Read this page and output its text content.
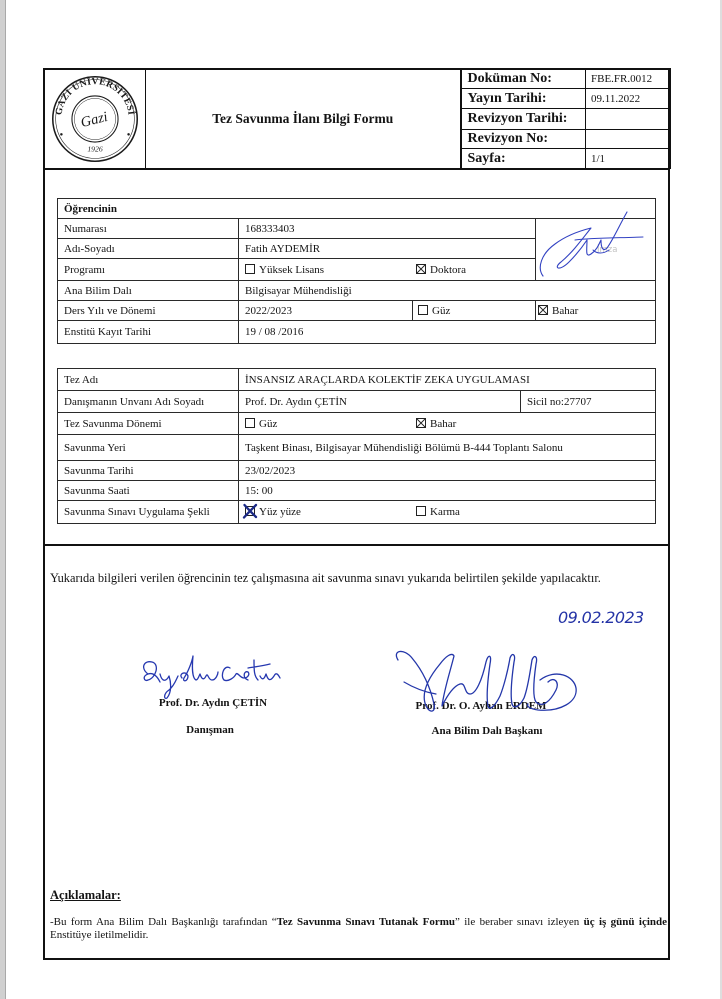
GAZİ ÜNİVERSİTESİ
1926
Gazi	Tez Savunma İlanı Bilgi Formu	Doküman No:	FBE.FR.0012
		Yayın Tarihi:	09.11.2022
		Revizyon Tarihi:	
		Revizyon No:	
		Sayfa:	1/1
Öğrencinin			
Numarası	168333403		
Adı-Soyadı	Fatih AYDEMİR		
Programı	Yüksek Lisans Doktora		
Ana Bilim Dalı	Bilgisayar Mühendisliği		
Ders Yılı ve Dönemi	2022/2023	Güz	Bahar
Enstitü Kayıt Tarihi	19 / 08 /2016		
İmza
Tez Adı	İNSANSIZ ARAÇLARDA KOLEKTİF ZEKA UYGULAMASI	
Danışmanın Unvanı Adı Soyadı	Prof. Dr. Aydın ÇETİN	Sicil no:27707
Tez Savunma Dönemi	Güz Bahar	
Savunma Yeri	Taşkent Binası, Bilgisayar Mühendisliği Bölümü B-444 Toplantı Salonu	
Savunma Tarihi	23/02/2023	
Savunma Saati	15: 00	
Savunma Sınavı Uygulama Şekli	Yüz yüze Karma	
Yukarıda bilgileri verilen öğrencinin tez çalışmasına ait savunma sınavı yukarıda belirtilen şekilde yapılacaktır.
09.02.2023
Prof. Dr. Aydın ÇETİN
Danışman
Prof. Dr. O. Ayhan ERDEM
Ana Bilim Dalı Başkanı
Açıklamalar:

-Bu form Ana Bilim Dalı Başkanlığı tarafından “Tez Savunma Sınavı Tutanak Formu” ile beraber sınavı izleyen üç iş günü içinde Enstitüye iletilmelidir.
